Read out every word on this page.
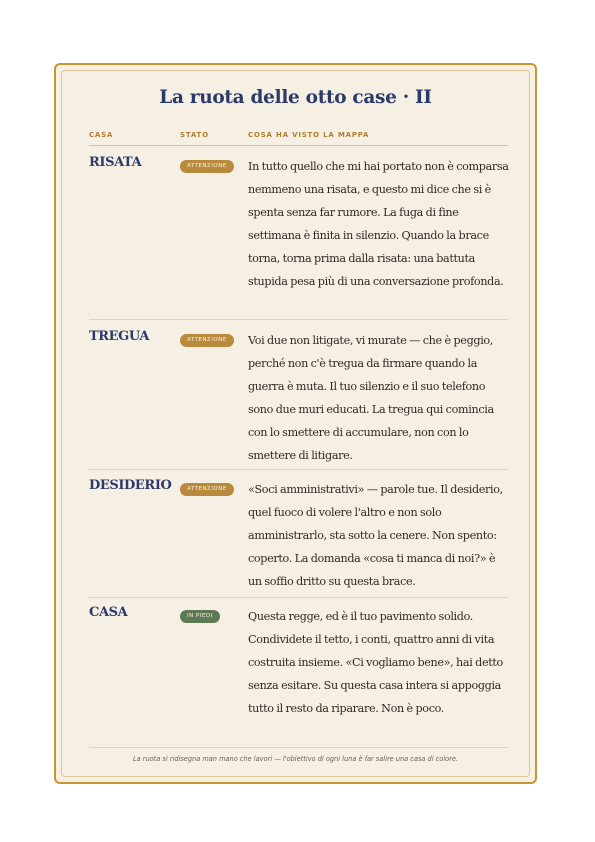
La ruota delle otto case · II
CASA	STATO	COSA HA VISTO LA MAPPA
RISATA	ATTENZIONE	In tutto quello che mi hai portato non è comparsa nemmeno una risata, e questo mi dice che si è spenta senza far rumore. La fuga di fine settimana è finita in silenzio. Quando la brace torna, torna prima dalla risata: una battuta stupida pesa più di una conversazione profonda.

TREGUA	ATTENZIONE	Voi due non litigate, vi murate — che è peggio, perché non c'è tregua da firmare quando la guerra è muta. Il tuo silenzio e il suo telefono sono due muri educati. La tregua qui comincia con lo smettere di accumulare, non con lo smettere di litigare.

DESIDERIO	ATTENZIONE	«Soci amministrativi» — parole tue. Il desiderio, quel fuoco di volere l'altro e non solo amministrarlo, sta sotto la cenere. Non spento: coperto. La domanda «cosa ti manca di noi?» è un soffio dritto su questa brace.

CASA	IN PIEDI	Questa regge, ed è il tuo pavimento solido. Condividete il tetto, i conti, quattro anni di vita costruita insieme. «Ci vogliamo bene», hai detto senza esitare. Su questa casa intera si appoggia tutto il resto da riparare. Non è poco.

La ruota si ridisegna man mano che lavori — l'obiettivo di ogni luna è far salire una casa di colore.
